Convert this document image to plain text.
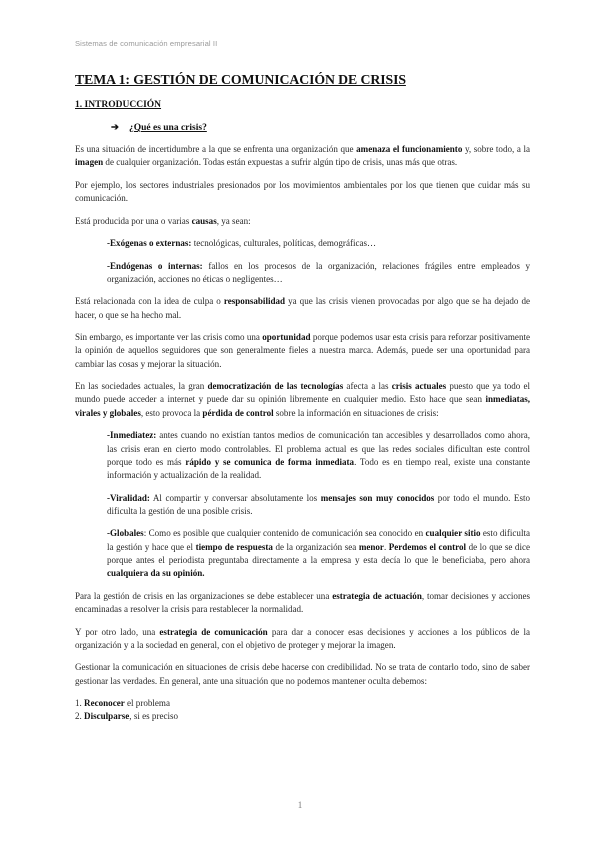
Sistemas de comunicación empresarial II
TEMA 1: GESTIÓN DE COMUNICACIÓN DE CRISIS
1. INTRODUCCIÓN
➔ ¿Qué es una crisis?

Es una situación de incertidumbre a la que se enfrenta una organización que amenaza el funcionamiento y, sobre todo, a la imagen de cualquier organización. Todas están expuestas a sufrir algún tipo de crisis, unas más que otras.

Por ejemplo, los sectores industriales presionados por los movimientos ambientales por los que tienen que cuidar más su comunicación.

Está producida por una o varias causas, ya sean:

-Exógenas o externas: tecnológicas, culturales, políticas, demográficas…

-Endógenas o internas: fallos en los procesos de la organización, relaciones frágiles entre empleados y organización, acciones no éticas o negligentes…

Está relacionada con la idea de culpa o responsabilidad ya que las crisis vienen provocadas por algo que se ha dejado de hacer, o que se ha hecho mal.

Sin embargo, es importante ver las crisis como una oportunidad porque podemos usar esta crisis para reforzar positivamente la opinión de aquellos seguidores que son generalmente fieles a nuestra marca. Además, puede ser una oportunidad para cambiar las cosas y mejorar la situación.

En las sociedades actuales, la gran democratización de las tecnologías afecta a las crisis actuales puesto que ya todo el mundo puede acceder a internet y puede dar su opinión libremente en cualquier medio. Esto hace que sean inmediatas, virales y globales, esto provoca la pérdida de control sobre la información en situaciones de crisis:

-Inmediatez: antes cuando no existían tantos medios de comunicación tan accesibles y desarrollados como ahora, las crisis eran en cierto modo controlables. El problema actual es que las redes sociales dificultan este control porque todo es más rápido y se comunica de forma inmediata. Todo es en tiempo real, existe una constante información y actualización de la realidad.

-Viralidad: Al compartir y conversar absolutamente los mensajes son muy conocidos por todo el mundo. Esto dificulta la gestión de una posible crisis.

-Globales: Como es posible que cualquier contenido de comunicación sea conocido en cualquier sitio esto dificulta la gestión y hace que el tiempo de respuesta de la organización sea menor. Perdemos el control de lo que se dice porque antes el periodista preguntaba directamente a la empresa y esta decía lo que le beneficiaba, pero ahora cualquiera da su opinión.

Para la gestión de crisis en las organizaciones se debe establecer una estrategia de actuación, tomar decisiones y acciones encaminadas a resolver la crisis para restablecer la normalidad.

Y por otro lado, una estrategia de comunicación para dar a conocer esas decisiones y acciones a los públicos de la organización y a la sociedad en general, con el objetivo de proteger y mejorar la imagen.

Gestionar la comunicación en situaciones de crisis debe hacerse con credibilidad. No se trata de contarlo todo, sino de saber gestionar las verdades. En general, ante una situación que no podemos mantener oculta debemos:

1. Reconocer el problema
2. Disculparse, si es preciso
1
